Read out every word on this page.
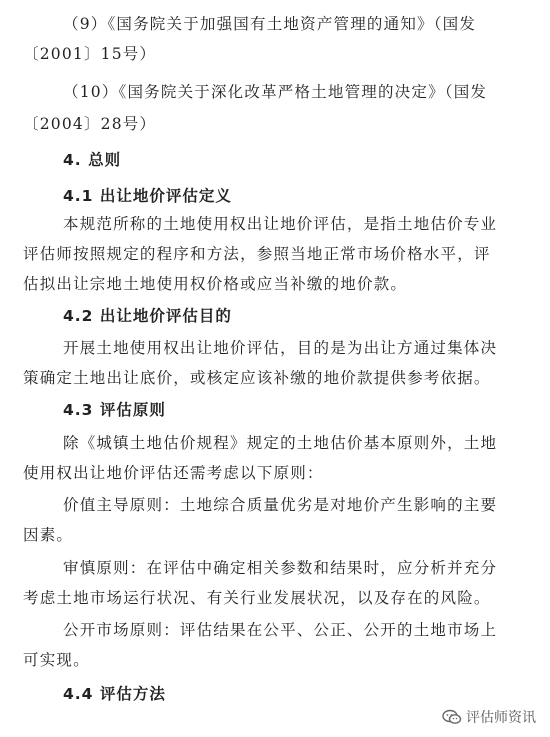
（9）《国务院关于加强国有土地资产管理的通知》（国发
〔2001〕15号）
（10）《国务院关于深化改革严格土地管理的决定》（国发
〔2004〕28号）
4. 总则
4.1 出让地价评估定义
本规范所称的土地使用权出让地价评估，是指土地估价专业
评估师按照规定的程序和方法，参照当地正常市场价格水平，评
估拟出让宗地土地使用权价格或应当补缴的地价款。
4.2 出让地价评估目的
开展土地使用权出让地价评估，目的是为出让方通过集体决
策确定土地出让底价，或核定应该补缴的地价款提供参考依据。
4.3 评估原则
除《城镇土地估价规程》规定的土地估价基本原则外，土地
使用权出让地价评估还需考虑以下原则：
价值主导原则：土地综合质量优劣是对地价产生影响的主要
因素。
审慎原则：在评估中确定相关参数和结果时，应分析并充分
考虑土地市场运行状况、有关行业发展状况，以及存在的风险。
公开市场原则：评估结果在公平、公正、公开的土地市场上
可实现。
4.4 评估方法
评估师资讯
